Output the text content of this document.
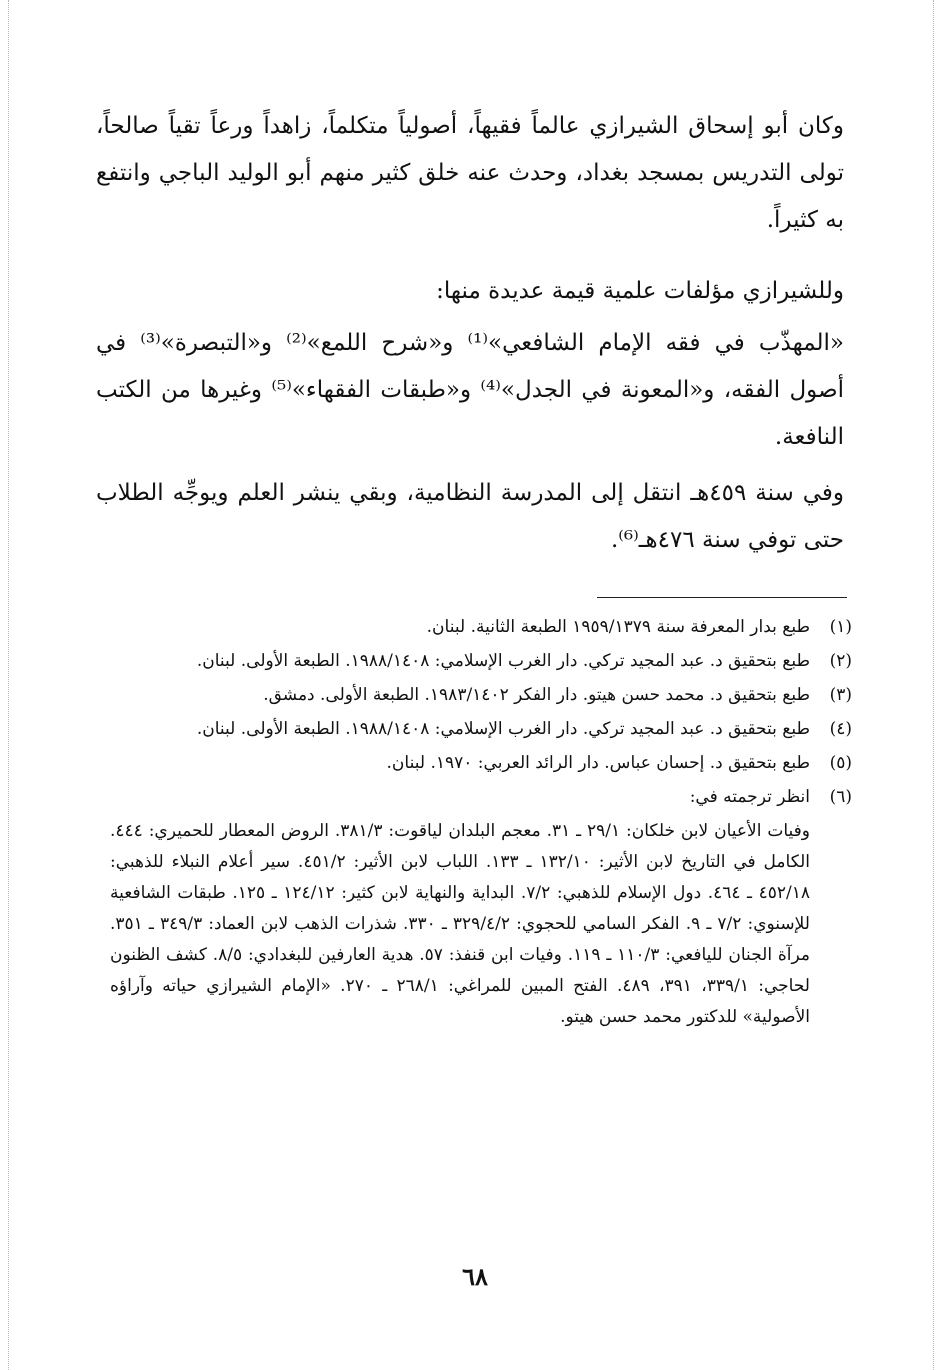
وكان أبو إسحاق الشيرازي عالماً فقيهاً، أصولياً متكلماً، زاهداً ورعاً تقياً صالحاً، تولى التدريس بمسجد بغداد، وحدث عنه خلق كثير منهم أبو الوليد الباجي وانتفع به كثيراً.

وللشيرازي مؤلفات علمية قيمة عديدة منها:

«المهذّب في فقه الإمام الشافعي»⁽¹⁾ و«شرح اللمع»⁽²⁾ و«التبصرة»⁽³⁾ في أصول الفقه، و«المعونة في الجدل»⁽⁴⁾ و«طبقات الفقهاء»⁽⁵⁾ وغيرها من الكتب النافعة.

وفي سنة ٤٥٩هـ انتقل إلى المدرسة النظامية، وبقي ينشر العلم ويوجِّه الطلاب حتى توفي سنة ٤٧٦هـ⁽⁶⁾.

(١)
طبع بدار المعرفة سنة ١٩٥٩/١٣٧٩ الطبعة الثانية. لبنان.
(٢)
طبع بتحقيق د. عبد المجيد تركي. دار الغرب الإسلامي: ١٩٨٨/١٤٠٨. الطبعة الأولى. لبنان.
(٣)
طبع بتحقيق د. محمد حسن هيتو. دار الفكر ١٩٨٣/١٤٠٢. الطبعة الأولى. دمشق.
(٤)
طبع بتحقيق د. عبد المجيد تركي. دار الغرب الإسلامي: ١٩٨٨/١٤٠٨. الطبعة الأولى. لبنان.
(٥)
طبع بتحقيق د. إحسان عباس. دار الرائد العربي: ١٩٧٠. لبنان.
(٦)
انظر ترجمته في:
وفيات الأعيان لابن خلكان: ٢٩/١ ـ ٣١. معجم البلدان لياقوت: ٣٨١/٣. الروض المعطار للحميري: ٤٤٤. الكامل في التاريخ لابن الأثير: ١٣٢/١٠ ـ ١٣٣. اللباب لابن الأثير: ٤٥١/٢. سير أعلام النبلاء للذهبي: ٤٥٢/١٨ ـ ٤٦٤. دول الإسلام للذهبي: ٧/٢. البداية والنهاية لابن كثير: ١٢٤/١٢ ـ ١٢٥. طبقات الشافعية للإسنوي: ٧/٢ ـ ٩. الفكر السامي للحجوي: ٣٢٩/٤/٢ ـ ٣٣٠. شذرات الذهب لابن العماد: ٣٤٩/٣ ـ ٣٥١. مرآة الجنان لليافعي: ١١٠/٣ ـ ١١٩. وفيات ابن قنفذ: ٥٧. هدية العارفين للبغدادي: ٨/٥. كشف الظنون لحاجي: ٣٣٩/١، ٣٩١، ٤٨٩. الفتح المبين للمراغي: ٢٦٨/١ ـ ٢٧٠. «الإمام الشيرازي حياته وآراؤه الأصولية» للدكتور محمد حسن هيتو.
٦٨
